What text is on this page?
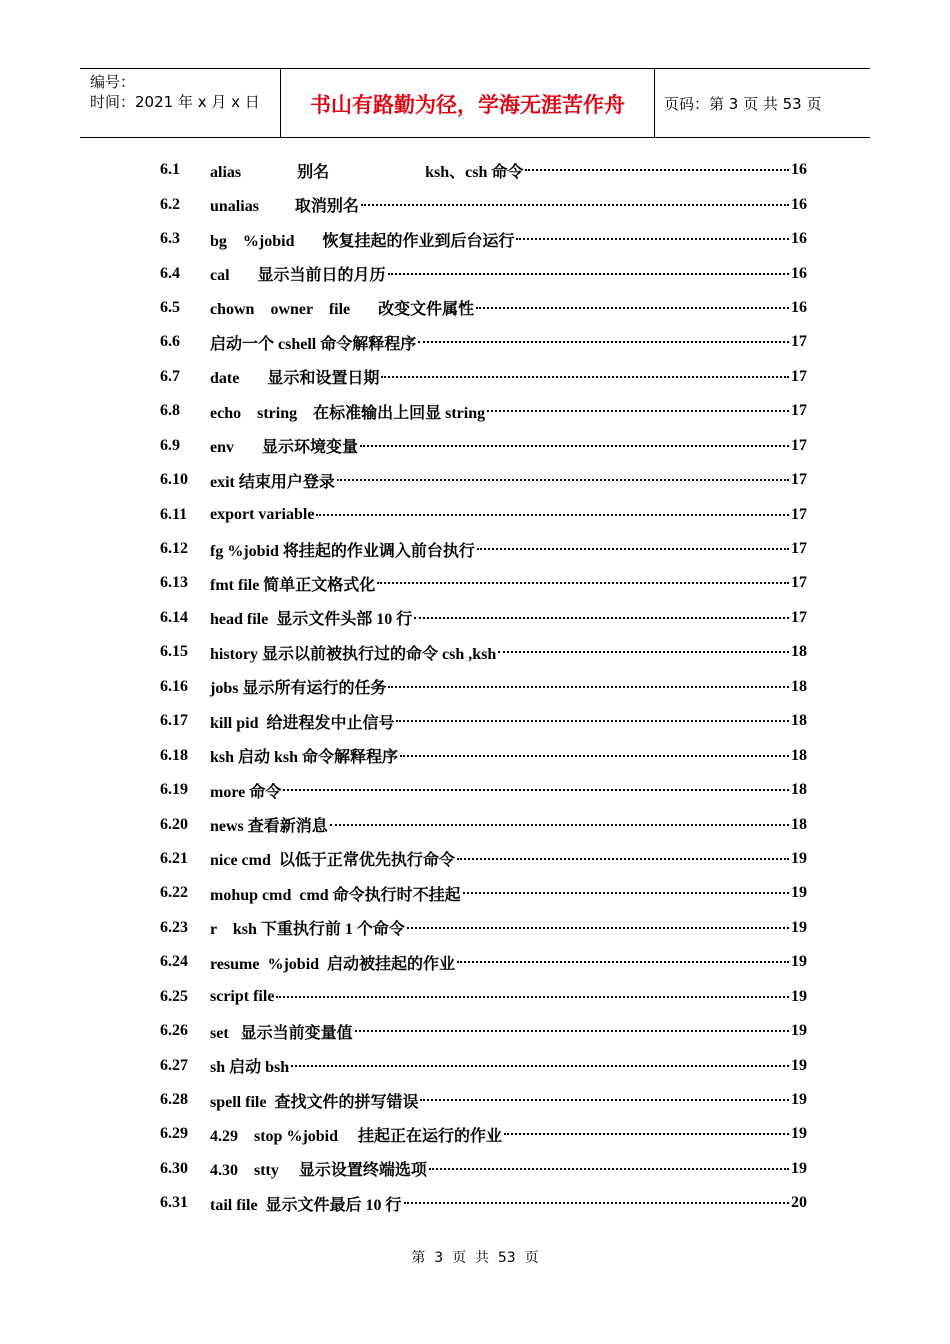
编号：
时间：2021 年 x 月 x 日	书山有路勤为径，学海无涯苦作舟	页码：第 3 页 共 53 页
6.1	alias              别名                        ksh、csh 命令	16
6.2	unalias         取消别名	16
6.3	bg    %jobid       恢复挂起的作业到后台运行	16
6.4	cal       显示当前日的月历	16
6.5	chown    owner    file       改变文件属性	16
6.6	启动一个 cshell 命令解释程序	17
6.7	date       显示和设置日期	17
6.8	echo    string    在标准输出上回显 string	17
6.9	env       显示环境变量	17
6.10	exit 结束用户登录	17
6.11	export variable	17
6.12	fg %jobid 将挂起的作业调入前台执行	17
6.13	fmt file 简单正文格式化	17
6.14	head file  显示文件头部 10 行	17
6.15	history 显示以前被执行过的命令 csh ,ksh	18
6.16	jobs 显示所有运行的任务	18
6.17	kill pid  给进程发中止信号	18
6.18	ksh 启动 ksh 命令解释程序	18
6.19	more 命令	18
6.20	news 查看新消息	18
6.21	nice cmd  以低于正常优先执行命令	19
6.22	mohup cmd  cmd 命令执行时不挂起	19
6.23	r    ksh 下重执行前 1 个命令	19
6.24	resume  %jobid  启动被挂起的作业	19
6.25	script file	19
6.26	set   显示当前变量值	19
6.27	sh 启动 bsh	19
6.28	spell file  查找文件的拼写错误	19
6.29	4.29    stop %jobid     挂起正在运行的作业	19
6.30	4.30    stty     显示设置终端选项	19
6.31	tail file  显示文件最后 10 行	20
第  3  页  共  53  页
